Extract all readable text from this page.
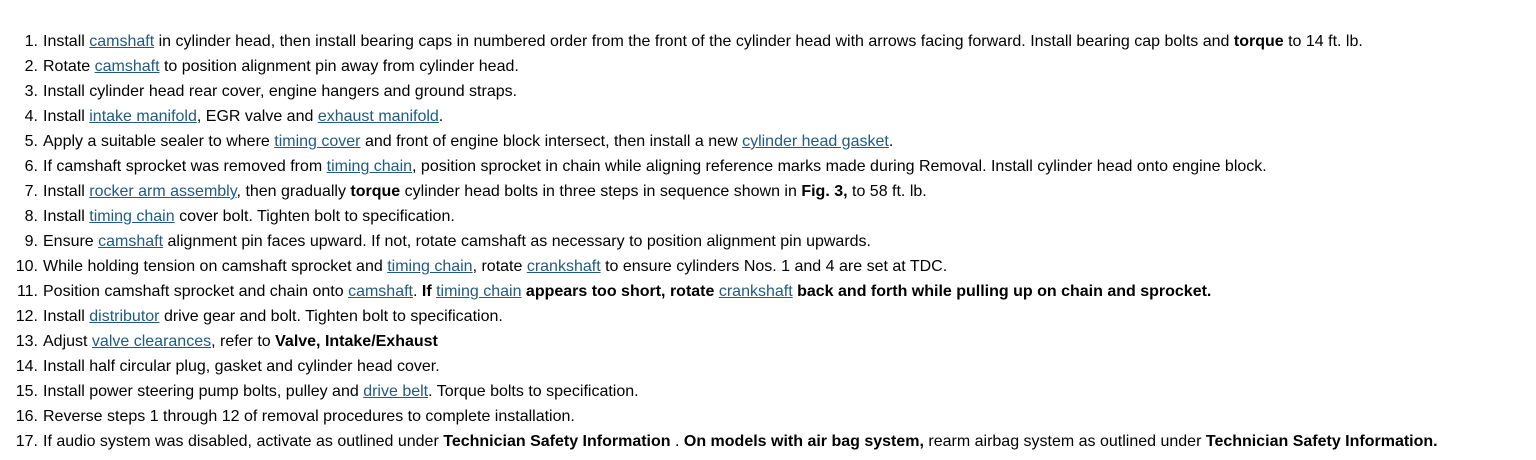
1. Install camshaft in cylinder head, then install bearing caps in numbered order from the front of the cylinder head with arrows facing forward. Install bearing cap bolts and torque to 14 ft. lb.
2. Rotate camshaft to position alignment pin away from cylinder head.
3. Install cylinder head rear cover, engine hangers and ground straps.
4. Install intake manifold, EGR valve and exhaust manifold.
5. Apply a suitable sealer to where timing cover and front of engine block intersect, then install a new cylinder head gasket.
6. If camshaft sprocket was removed from timing chain, position sprocket in chain while aligning reference marks made during Removal. Install cylinder head onto engine block.
7. Install rocker arm assembly, then gradually torque cylinder head bolts in three steps in sequence shown in Fig. 3, to 58 ft. lb.
8. Install timing chain cover bolt. Tighten bolt to specification.
9. Ensure camshaft alignment pin faces upward. If not, rotate camshaft as necessary to position alignment pin upwards.
10. While holding tension on camshaft sprocket and timing chain, rotate crankshaft to ensure cylinders Nos. 1 and 4 are set at TDC.
11. Position camshaft sprocket and chain onto camshaft. If timing chain appears too short, rotate crankshaft back and forth while pulling up on chain and sprocket.
12. Install distributor drive gear and bolt. Tighten bolt to specification.
13. Adjust valve clearances, refer to Valve, Intake/Exhaust
14. Install half circular plug, gasket and cylinder head cover.
15. Install power steering pump bolts, pulley and drive belt. Torque bolts to specification.
16. Reverse steps 1 through 12 of removal procedures to complete installation.
17. If audio system was disabled, activate as outlined under Technician Safety Information . On models with air bag system, rearm airbag system as outlined under Technician Safety Information.
